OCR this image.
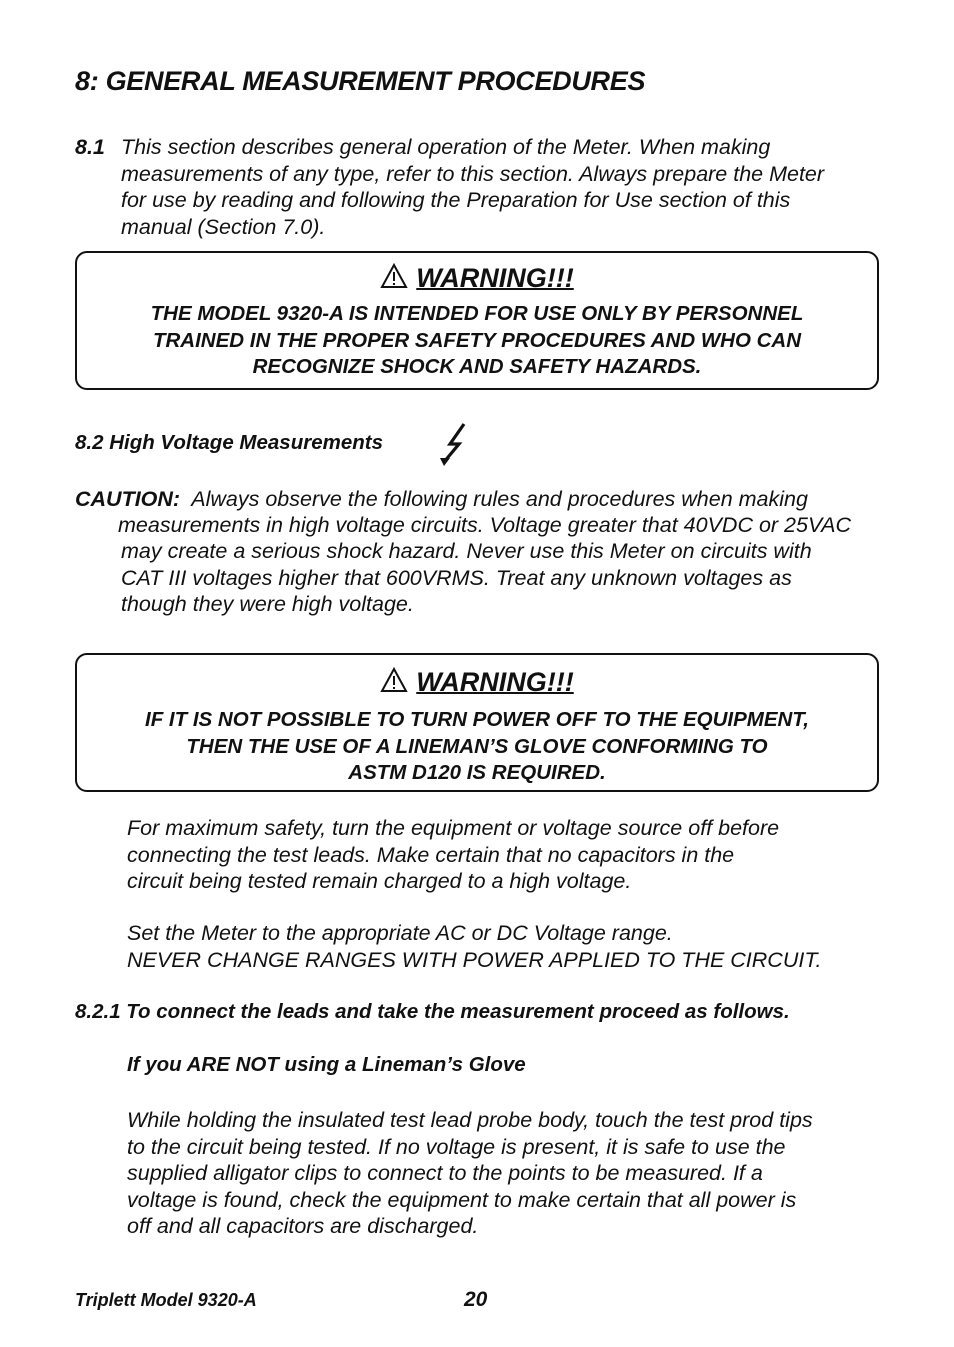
8: GENERAL MEASUREMENT PROCEDURES
8.1 This section describes general operation of the Meter. When making
measurements of any type, refer to this section. Always prepare the Meter
for use by reading and following the Preparation for Use section of this
manual (Section 7.0).
WARNING!!!
THE MODEL 9320-A IS INTENDED FOR USE ONLY BY PERSONNEL
TRAINED IN THE PROPER SAFETY PROCEDURES AND WHO CAN
RECOGNIZE SHOCK AND SAFETY HAZARDS.
8.2 High Voltage Measurements
CAUTION: Always observe the following rules and procedures when making
measurements in high voltage circuits. Voltage greater that 40VDC or 25VAC
may create a serious shock hazard. Never use this Meter on circuits with
CAT III voltages higher that 600VRMS. Treat any unknown voltages as
though they were high voltage.
WARNING!!!
IF IT IS NOT POSSIBLE TO TURN POWER OFF TO THE EQUIPMENT,
THEN THE USE OF A LINEMAN’S GLOVE CONFORMING TO
ASTM D120 IS REQUIRED.
For maximum safety, turn the equipment or voltage source off before
connecting the test leads. Make certain that no capacitors in the
circuit being tested remain charged to a high voltage.
Set the Meter to the appropriate AC or DC Voltage range.
NEVER CHANGE RANGES WITH POWER APPLIED TO THE CIRCUIT.
8.2.1 To connect the leads and take the measurement proceed as follows.
If you ARE NOT using a Lineman’s Glove
While holding the insulated test lead probe body, touch the test prod tips
to the circuit being tested. If no voltage is present, it is safe to use the
supplied alligator clips to connect to the points to be measured. If a
voltage is found, check the equipment to make certain that all power is
off and all capacitors are discharged.
Triplett Model 9320-A	20
